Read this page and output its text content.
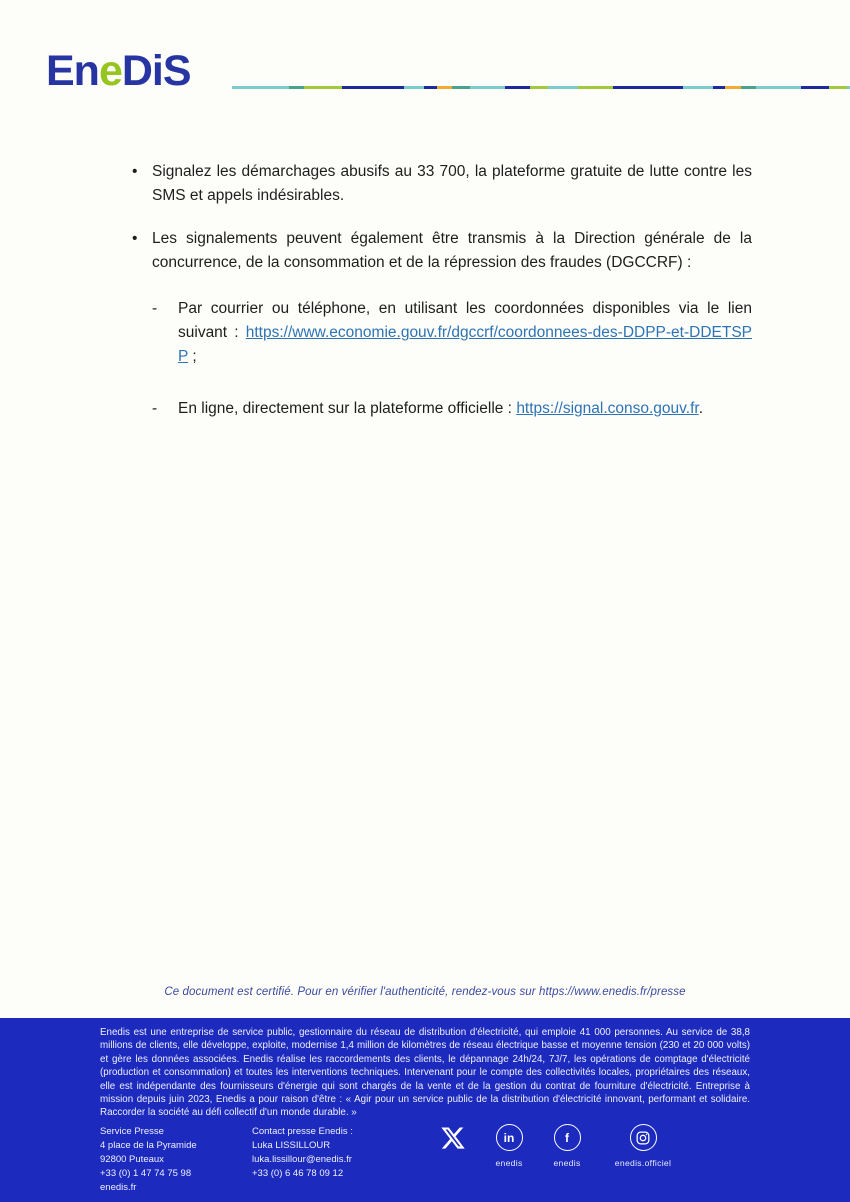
EneDiS
• Signalez les démarchages abusifs au 33 700, la plateforme gratuite de lutte contre les SMS et appels indésirables.
• Les signalements peuvent également être transmis à la Direction générale de la concurrence, de la consommation et de la répression des fraudes (DGCCRF) :
- Par courrier ou téléphone, en utilisant les coordonnées disponibles via le lien suivant : https://www.economie.gouv.fr/dgccrf/coordonnees-des-DDPP-et-DDETSPP ;
- En ligne, directement sur la plateforme officielle : https://signal.conso.gouv.fr.
Ce document est certifié. Pour en vérifier l'authenticité, rendez-vous sur https://www.enedis.fr/presse
Enedis est une entreprise de service public, gestionnaire du réseau de distribution d'électricité, qui emploie 41 000 personnes. Au service de 38,8 millions de clients, elle développe, exploite, modernise 1,4 million de kilomètres de réseau électrique basse et moyenne tension (230 et 20 000 volts) et gère les données associées. Enedis réalise les raccordements des clients, le dépannage 24h/24, 7J/7, les opérations de comptage d'électricité (production et consommation) et toutes les interventions techniques. Intervenant pour le compte des collectivités locales, propriétaires des réseaux, elle est indépendante des fournisseurs d'énergie qui sont chargés de la vente et de la gestion du contrat de fourniture d'électricité. Entreprise à mission depuis juin 2023, Enedis a pour raison d'être : « Agir pour un service public de la distribution d'électricité innovant, performant et solidaire. Raccorder la société au défi collectif d'un monde durable. »
Service Presse
4 place de la Pyramide
92800 Puteaux
+33 (0) 1 47 74 75 98
enedis.fr
Contact presse Enedis :
Luka LISSILLOUR
luka.lissillour@enedis.fr
+33 (0) 6 46 78 09 12
in
enedis
f
enedis	enedis.officiel
